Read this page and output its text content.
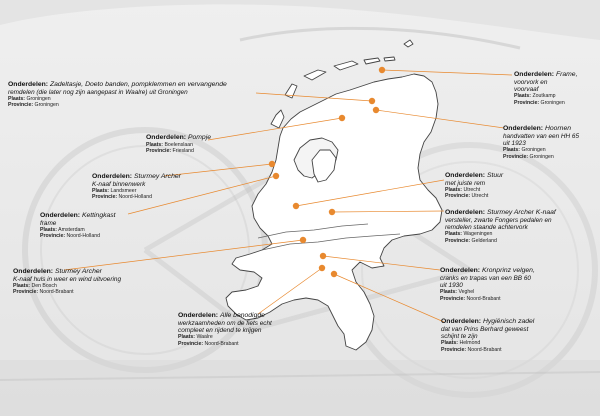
Onderdelen: Zadeltasje, Doeto banden, pompklemmen en vervangende
remdelen (die later nog zijn aangepast in Waalre) uit Groningen
Plaats: Groningen
Provincie: Groningen
Onderdelen: Frame,
voorvork en
voorvaaf
Plaats: Zoutkamp
Provincie: Groningen
Onderdelen: Pompje
Plaats: Boelenslaan
Provincie: Friesland
Onderdelen: Hoornen
handvatten van een HH 65
uit 1923
Plaats: Groningen
Provincie: Groningen
Onderdelen: Sturmey Archer
K-naaf binnenwerk
Plaats: Landsmeer
Provincie: Noord-Holland
Onderdelen: Kettingkast
frame
Plaats: Amsterdam
Provincie: Noord-Holland
Onderdelen: Stuur
met juiste rem
Plaats: Utrecht
Provincie: Utrecht
Onderdelen: Sturmey Archer K-naaf
versteller, zwarte Fongers pedalen en
remdelen staande achtervork
Plaats: Wageningen
Provincie: Gelderland
Onderdelen: Sturmey Archer
K-naaf huls in weer en wind uitvoering
Plaats: Den Bosch
Provincie: Noord-Brabant
Onderdelen: Kronprinz velgen,
cranks en trapas van een BB 60
uit 1930
Plaats: Veghel
Provincie: Noord-Brabant
Onderdelen: Alle benodigde
werkzaamheden om de fiets echt
compleet en rijdend te krijgen
Plaats: Waalre
Provincie: Noord-Brabant
Onderdelen: Hygiënisch zadel
dat van Prins Berhard geweest
schijnt te zijn
Plaats: Helmond
Provincie: Noord-Brabant
